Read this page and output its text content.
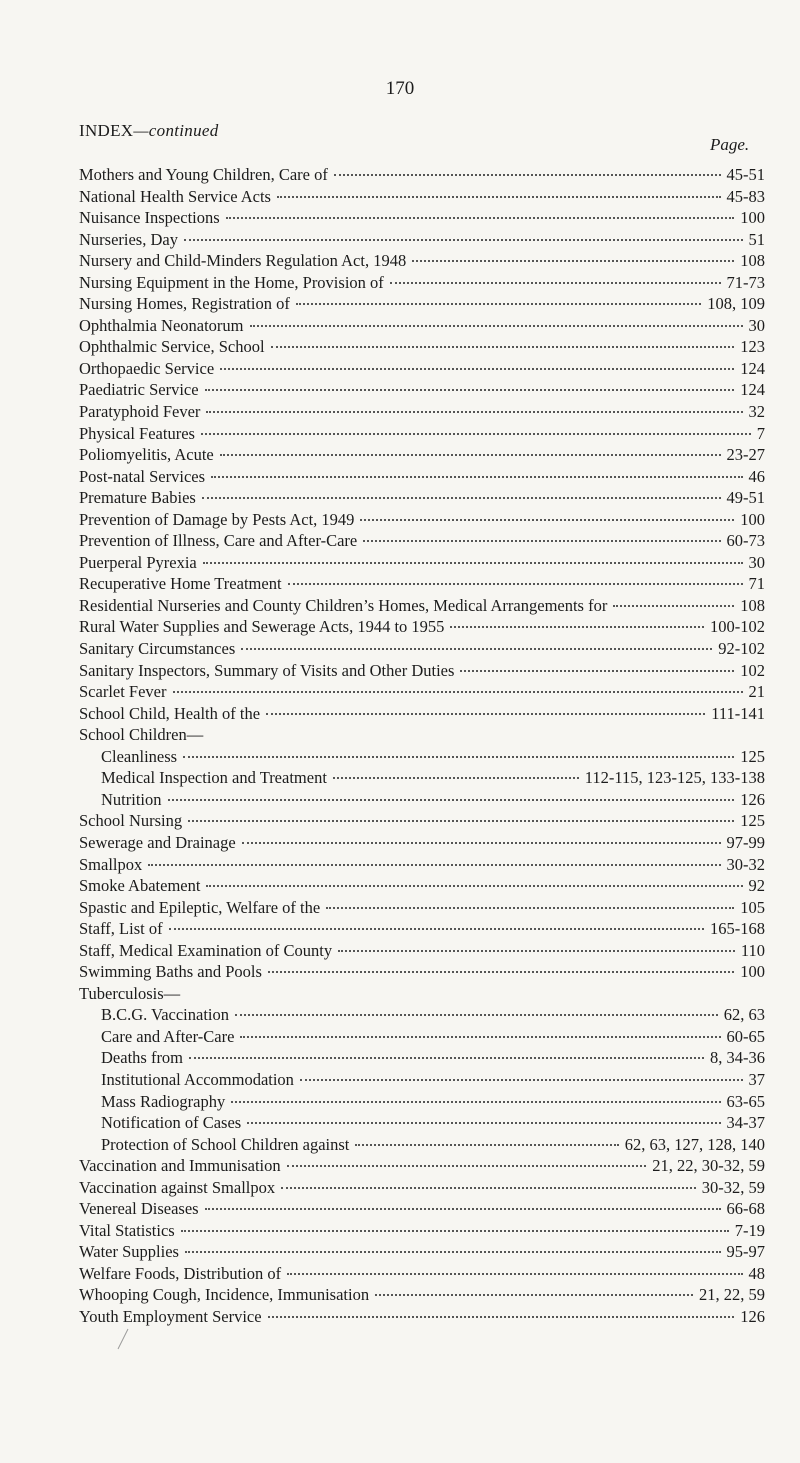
170
INDEX—continued
Page.
Mothers and Young Children, Care of	45-51
National Health Service Acts	45-83
Nuisance Inspections	100
Nurseries, Day	51
Nursery and Child-Minders Regulation Act, 1948	108
Nursing Equipment in the Home, Provision of	71-73
Nursing Homes, Registration of	108, 109
Ophthalmia Neonatorum	30
Ophthalmic Service, School	123
Orthopaedic Service	124
Paediatric Service	124
Paratyphoid Fever	32
Physical Features	7
Poliomyelitis, Acute	23-27
Post-natal Services	46
Premature Babies	49-51
Prevention of Damage by Pests Act, 1949	100
Prevention of Illness, Care and After-Care	60-73
Puerperal Pyrexia	30
Recuperative Home Treatment	71
Residential Nurseries and County Children’s Homes, Medical Arrangements for	108
Rural Water Supplies and Sewerage Acts, 1944 to 1955	100-102
Sanitary Circumstances	92-102
Sanitary Inspectors, Summary of Visits and Other Duties	102
Scarlet Fever	21
School Child, Health of the	111-141
School Children—
Cleanliness	125
Medical Inspection and Treatment	112-115, 123-125, 133-138
Nutrition	126
School Nursing	125
Sewerage and Drainage	97-99
Smallpox	30-32
Smoke Abatement	92
Spastic and Epileptic, Welfare of the	105
Staff, List of	165-168
Staff, Medical Examination of County	110
Swimming Baths and Pools	100
Tuberculosis—
B.C.G. Vaccination	62, 63
Care and After-Care	60-65
Deaths from	8, 34-36
Institutional Accommodation	37
Mass Radiography	63-65
Notification of Cases	34-37
Protection of School Children against	62, 63, 127, 128, 140
Vaccination and Immunisation	21, 22, 30-32, 59
Vaccination against Smallpox	30-32, 59
Venereal Diseases	66-68
Vital Statistics	7-19
Water Supplies	95-97
Welfare Foods, Distribution of	48
Whooping Cough, Incidence, Immunisation	21, 22, 59
Youth Employment Service	126
